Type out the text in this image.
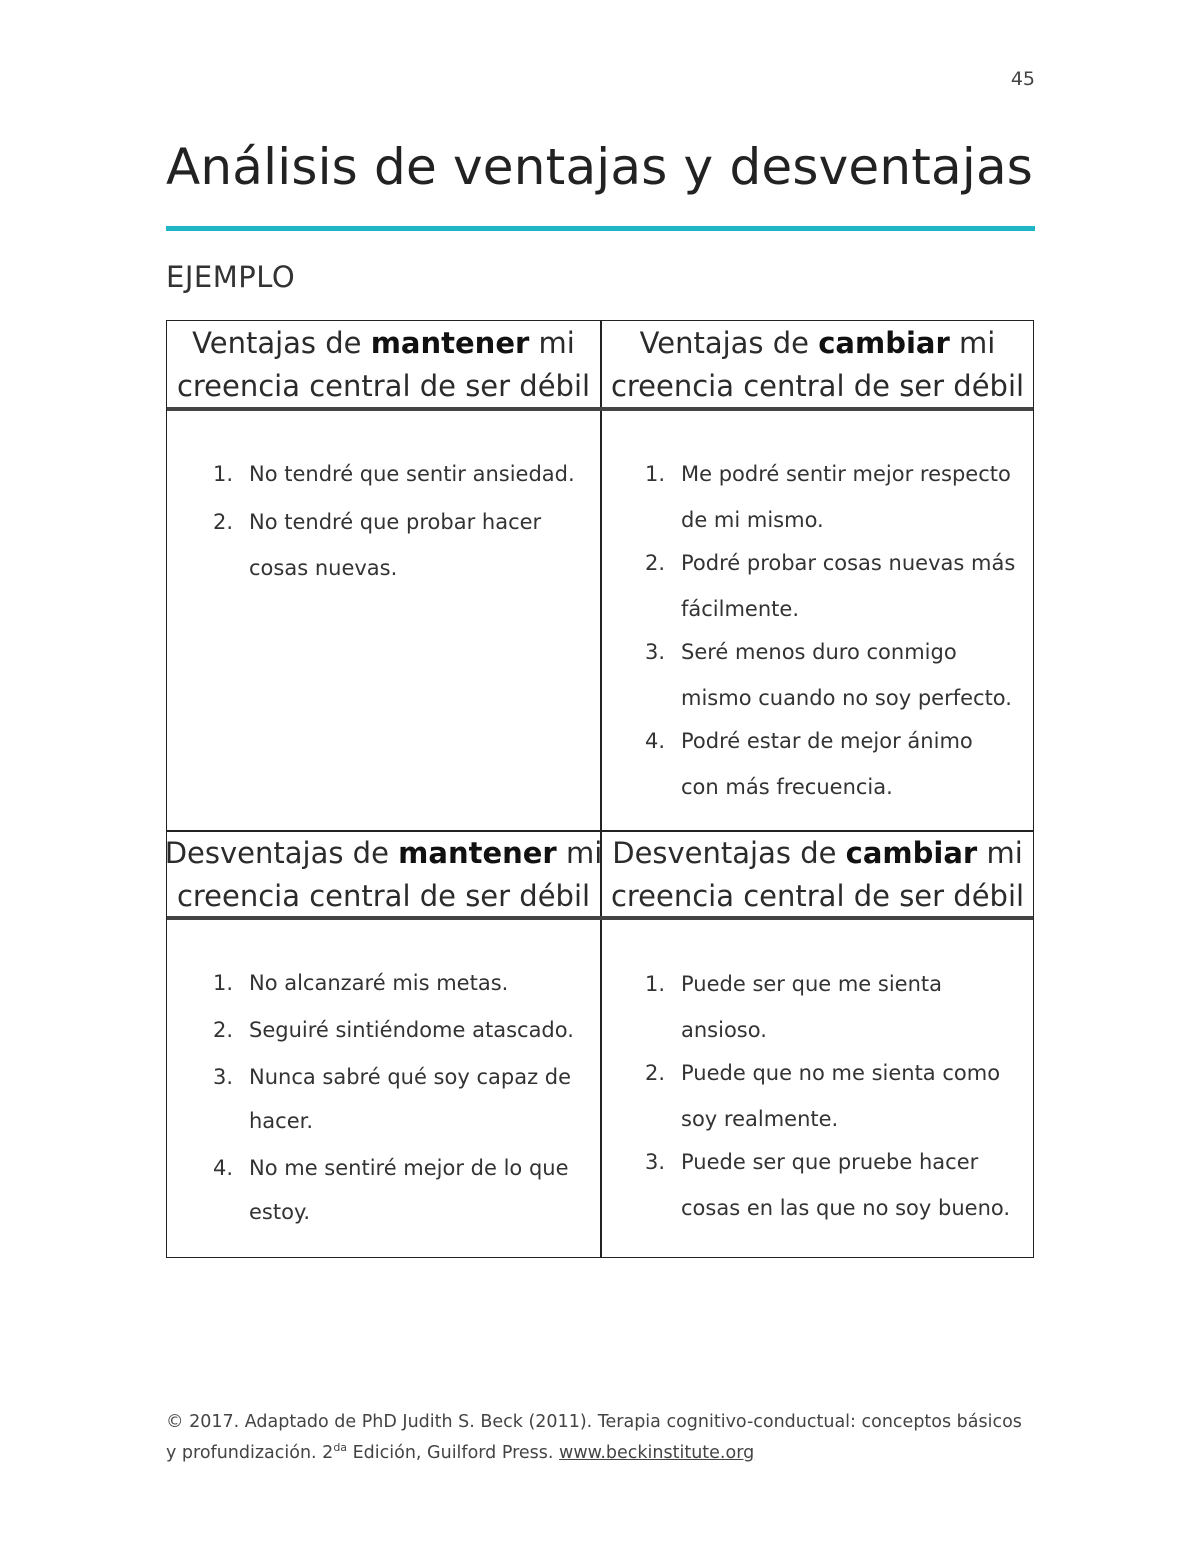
45
Análisis de ventajas y desventajas
EJEMPLO
Ventajas de mantener mi
creencia central de ser débil
Ventajas de cambiar mi
creencia central de ser débil
Desventajas de mantener mi
creencia central de ser débil
Desventajas de cambiar mi
creencia central de ser débil
1. No tendré que sentir ansiedad.
2. No tendré que probar hacer
cosas nuevas.
1. Me podré sentir mejor respecto
de mi mismo.
2. Podré probar cosas nuevas más
fácilmente.
3. Seré menos duro conmigo
mismo cuando no soy perfecto.
4. Podré estar de mejor ánimo
con más frecuencia.
1. No alcanzaré mis metas.
2. Seguiré sintiéndome atascado.
3. Nunca sabré qué soy capaz de
hacer.
4. No me sentiré mejor de lo que
estoy.
1. Puede ser que me sienta
ansioso.
2. Puede que no me sienta como
soy realmente.
3. Puede ser que pruebe hacer
cosas en las que no soy bueno.
© 2017. Adaptado de PhD Judith S. Beck (2011). Terapia cognitivo-conductual: conceptos básicos
y profundización. $2^{da}$ Edición, Guilford Press. www.beckinstitute.org
